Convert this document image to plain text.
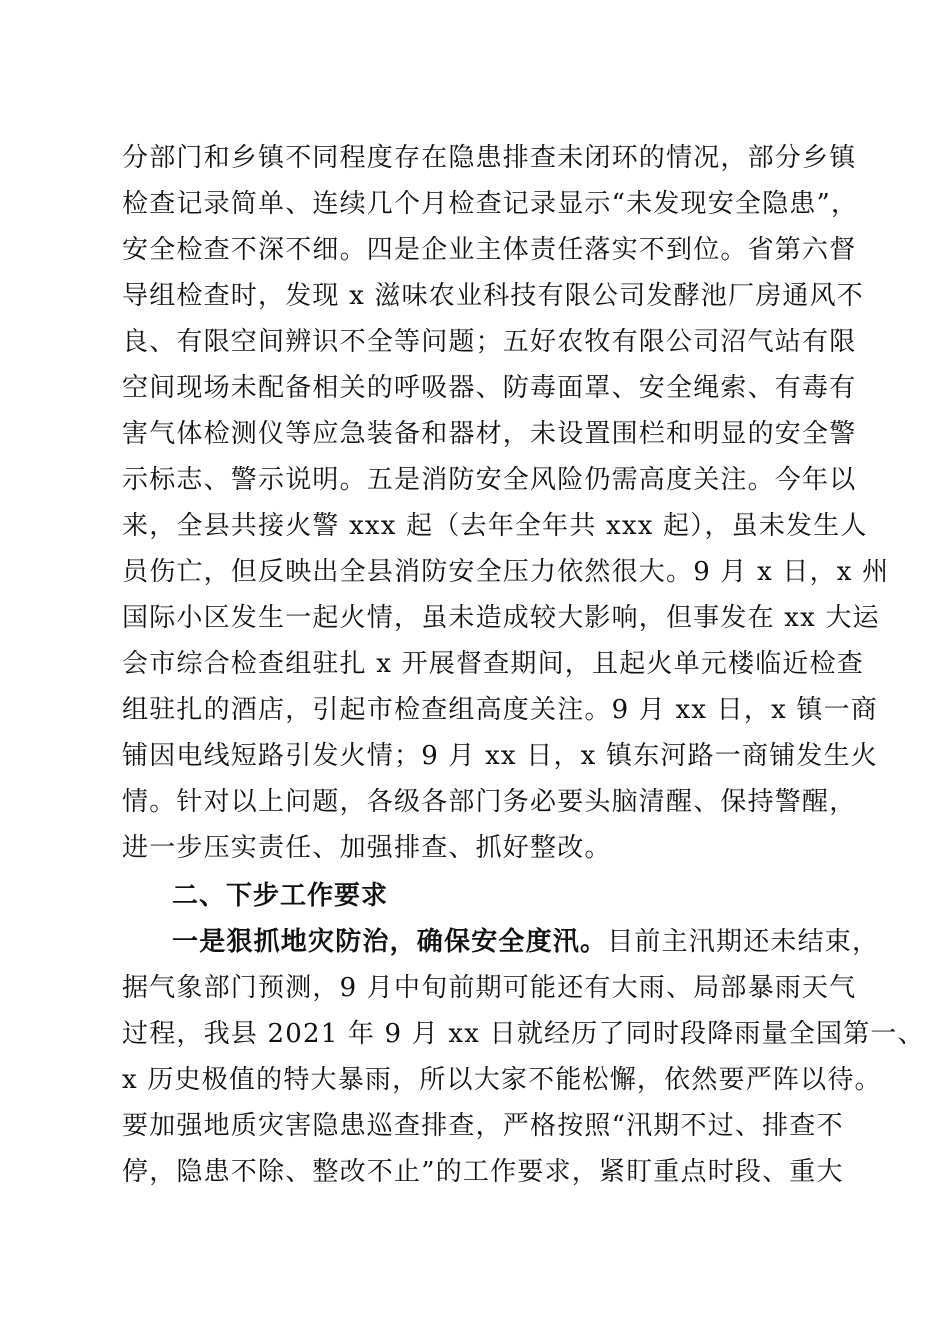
分部门和乡镇不同程度存在隐患排查未闭环的情况，部分乡镇
检查记录简单、连续几个月检查记录显示“未发现安全隐患”，
安全检查不深不细。四是企业主体责任落实不到位。省第六督
导组检查时，发现 x 滋味农业科技有限公司发酵池厂房通风不
良、有限空间辨识不全等问题；五好农牧有限公司沼气站有限
空间现场未配备相关的呼吸器、防毒面罩、安全绳索、有毒有
害气体检测仪等应急装备和器材，未设置围栏和明显的安全警
示标志、警示说明。五是消防安全风险仍需高度关注。今年以
来，全县共接火警 xxx 起（去年全年共 xxx 起），虽未发生人
员伤亡，但反映出全县消防安全压力依然很大。9 月 x 日，x 州
国际小区发生一起火情，虽未造成较大影响，但事发在 xx 大运
会市综合检查组驻扎 x 开展督查期间，且起火单元楼临近检查
组驻扎的酒店，引起市检查组高度关注。9 月 xx 日，x 镇一商
铺因电线短路引发火情；9 月 xx 日，x 镇东河路一商铺发生火
情。针对以上问题，各级各部门务必要头脑清醒、保持警醒，
进一步压实责任、加强排查、抓好整改。
二、下步工作要求
一是狠抓地灾防治，确保安全度汛。目前主汛期还未结束，
据气象部门预测，9 月中旬前期可能还有大雨、局部暴雨天气
过程，我县 2021 年 9 月 xx 日就经历了同时段降雨量全国第一、
x 历史极值的特大暴雨，所以大家不能松懈，依然要严阵以待。
要加强地质灾害隐患巡查排查，严格按照“汛期不过、排查不
停，隐患不除、整改不止”的工作要求，紧盯重点时段、重大
